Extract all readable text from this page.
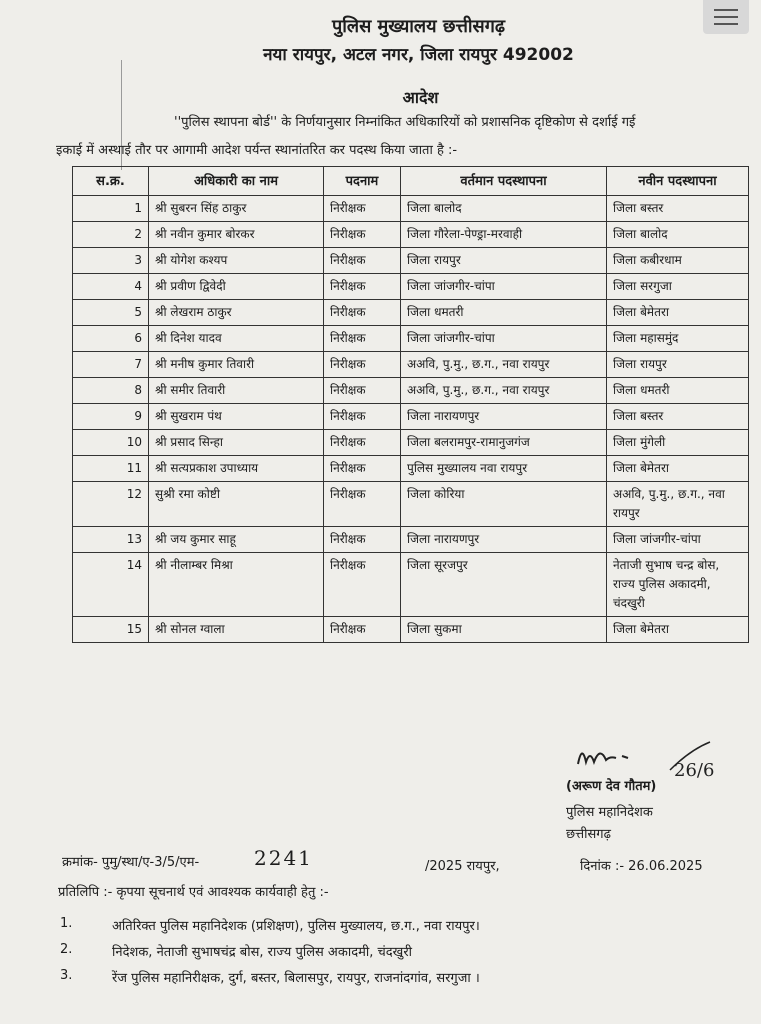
पुलिस मुख्यालय छत्तीसगढ़
नया रायपुर, अटल नगर, जिला रायपुर 492002
आदेश
''पुलिस स्थापना बोर्ड'' के निर्णयानुसार निम्नांकित अधिकारियों को प्रशासनिक दृष्टिकोण से दर्शाई गई
इकाई में अस्थाई तौर पर आगामी आदेश पर्यन्त स्थानांतरित कर पदस्थ किया जाता है :-
स.क्र.	अधिकारी का नाम	पदनाम	वर्तमान पदस्थापना	नवीन पदस्थापना
1	श्री सुबरन सिंह ठाकुर	निरीक्षक	जिला बालोद	जिला बस्तर
2	श्री नवीन कुमार बोरकर	निरीक्षक	जिला गौरेला-पेण्ड्रा-मरवाही	जिला बालोद
3	श्री योगेश कश्यप	निरीक्षक	जिला रायपुर	जिला कबीरधाम
4	श्री प्रवीण द्विवेदी	निरीक्षक	जिला जांजगीर-चांपा	जिला सरगुजा
5	श्री लेखराम ठाकुर	निरीक्षक	जिला धमतरी	जिला बेमेतरा
6	श्री दिनेश यादव	निरीक्षक	जिला जांजगीर-चांपा	जिला महासमुंद
7	श्री मनीष कुमार तिवारी	निरीक्षक	अअवि, पु.मु., छ.ग., नवा रायपुर	जिला रायपुर
8	श्री समीर तिवारी	निरीक्षक	अअवि, पु.मु., छ.ग., नवा रायपुर	जिला धमतरी
9	श्री सुखराम पंथ	निरीक्षक	जिला नारायणपुर	जिला बस्तर
10	श्री प्रसाद सिन्हा	निरीक्षक	जिला बलरामपुर-रामानुजगंज	जिला मुंगेली
11	श्री सत्यप्रकाश उपाध्याय	निरीक्षक	पुलिस मुख्यालय नवा रायपुर	जिला बेमेतरा
12	सुश्री रमा कोष्टी	निरीक्षक	जिला कोरिया	अअवि, पु.मु., छ.ग., नवा रायपुर
13	श्री जय कुमार साहू	निरीक्षक	जिला नारायणपुर	जिला जांजगीर-चांपा
14	श्री नीलाम्बर मिश्रा	निरीक्षक	जिला सूरजपुर	नेताजी सुभाष चन्द्र बोस, राज्य पुलिस अकादमी, चंदखुरी
15	श्री सोनल ग्वाला	निरीक्षक	जिला सुकमा	जिला बेमेतरा
26/6
(अरूण देव गौतम)
पुलिस महानिदेशक
छत्तीसगढ़
क्रमांक- पुमु/स्था/ए-3/5/एम-	2241	/2025 रायपुर,	दिनांक :- 26.06.2025
प्रतिलिपि :- कृपया सूचनार्थ एवं आवश्यक कार्यवाही हेतु :-
1.	अतिरिक्त पुलिस महानिदेशक (प्रशिक्षण), पुलिस मुख्यालय, छ.ग., नवा रायपुर।
2.	निदेशक, नेताजी सुभाषचंद्र बोस, राज्य पुलिस अकादमी, चंदखुरी
3.	रेंज पुलिस महानिरीक्षक, दुर्ग, बस्तर, बिलासपुर, रायपुर, राजनांदगांव, सरगुजा ।
